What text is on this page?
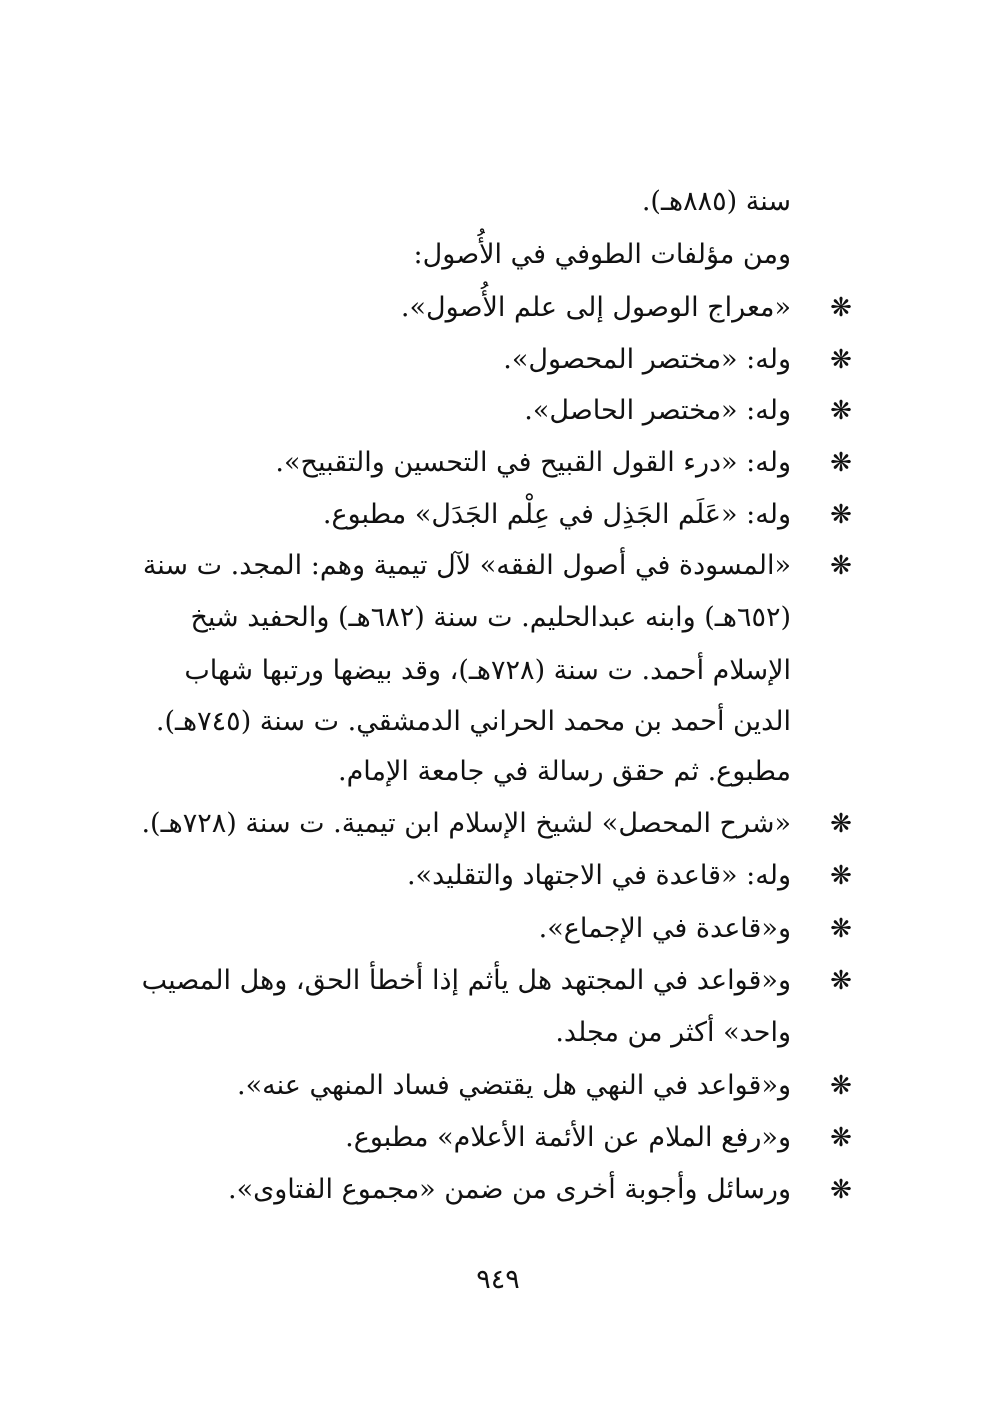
سنة (٨٨٥هـ).

ومن مؤلفات الطوفي في الأُصول:

❋

«معراج الوصول إلى علم الأُصول».

❋

وله: «مختصر المحصول».

❋

وله: «مختصر الحاصل».

❋

وله: «درء القول القبيح في التحسين والتقبيح».

❋

وله: «عَلَم الجَذِل في عِلْم الجَدَل» مطبوع.

❋

«المسودة في أصول الفقه» لآل تيمية وهم: المجد. ت سنة

(٦٥٢هـ) وابنه عبدالحليم. ت سنة (٦٨٢هـ) والحفيد شيخ

الإسلام أحمد. ت سنة (٧٢٨هـ)، وقد بيضها ورتبها شهاب

الدين أحمد بن محمد الحراني الدمشقي. ت سنة (٧٤٥هـ).

مطبوع. ثم حقق رسالة في جامعة الإمام.

❋

«شرح المحصل» لشيخ الإسلام ابن تيمية. ت سنة (٧٢٨هـ).

❋

وله: «قاعدة في الاجتهاد والتقليد».

❋

و«قاعدة في الإجماع».

❋

و«قواعد في المجتهد هل يأثم إذا أخطأ الحق، وهل المصيب

واحد» أكثر من مجلد.

❋

و«قواعد في النهي هل يقتضي فساد المنهي عنه».

❋

و«رفع الملام عن الأئمة الأعلام» مطبوع.

❋

ورسائل وأجوبة أخرى من ضمن «مجموع الفتاوى».

٩٤٩
